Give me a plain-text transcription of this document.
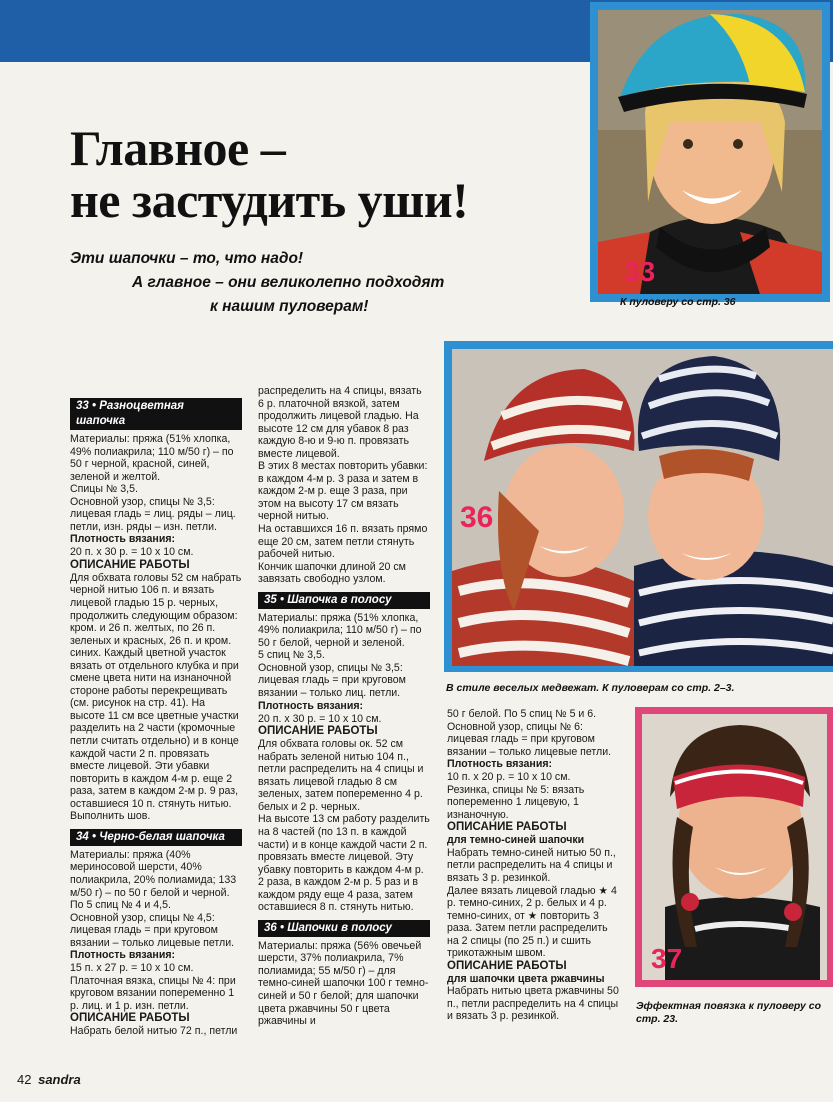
Главное –
не застудить уши!
Эти шапочки – то, что надо!
А главное – они великолепно подходят
к нашим пуловерам!
33
К пуловеру со стр. 36
36
В стиле веселых медвежат. К пуловерам со стр. 2–3.
37
Эффектная повязка к пуловеру со стр. 23.
33 • Разноцветная шапочка

Материалы: пряжа (51% хлопка, 49% полиакрила; 110 м/50 г) – по 50 г черной, красной, синей, зеленой и желтой.

Спицы № 3,5.

Основной узор, спицы № 3,5: лицевая гладь = лиц. ряды – лиц. петли, изн. ряды – изн. петли.

Плотность вязания:

20 п. х 30 р. = 10 х 10 см.

ОПИСАНИЕ РАБОТЫ

Для обхвата головы 52 см набрать черной нитью 106 п. и вязать лицевой гладью 15 р. черных, продолжить следующим образом: кром. и 26 п. желтых, по 26 п. зеленых и красных, 26 п. и кром. синих. Каждый цветной участок вязать от отдельного клубка и при смене цвета нити на изнаночной стороне работы перекрещивать (см. рисунок на стр. 41). На высоте 11 см все цветные участки разделить на 2 части (кромочные петли считать отдельно) и в конце каждой части 2 п. провязать вместе лицевой. Эти убавки повторить в каждом 4-м р. еще 2 раза, затем в каждом 2-м р. 9 раз, оставшиеся 10 п. стянуть нитью. Выполнить шов.

34 • Черно-белая шапочка

Материалы: пряжа (40% мериносовой шерсти, 40% полиакрила, 20% полиамида; 133 м/50 г) – по 50 г белой и черной.

По 5 спиц № 4 и 4,5.

Основной узор, спицы № 4,5: лицевая гладь = при круговом вязании – только лицевые петли.

Плотность вязания:

15 п. х 27 р. = 10 х 10 см.

Платочная вязка, спицы № 4: при круговом вязании попеременно 1 р. лиц. и 1 р. изн. петли.

ОПИСАНИЕ РАБОТЫ

Набрать белой нитью 72 п., петли

распределить на 4 спицы, вязать 6 р. платочной вязкой, затем продолжить лицевой гладью. На высоте 12 см для убавок 8 раз каждую 8-ю и 9-ю п. провязать вместе лицевой.

В этих 8 местах повторить убавки: в каждом 4-м р. 3 раза и затем в каждом 2-м р. еще 3 раза, при этом на высоту 17 см вязать черной нитью.

На оставшихся 16 п. вязать прямо еще 20 см, затем петли стянуть рабочей нитью.

Кончик шапочки длиной 20 см завязать свободно узлом.

35 • Шапочка в полосу

Материалы: пряжа (51% хлопка, 49% полиакрила; 110 м/50 г) – по 50 г белой, черной и зеленой.

5 спиц № 3,5.

Основной узор, спицы № 3,5: лицевая гладь = при круговом вязании – только лиц. петли.

Плотность вязания:

20 п. х 30 р. = 10 х 10 см.

ОПИСАНИЕ РАБОТЫ

Для обхвата головы ок. 52 см набрать зеленой нитью 104 п., петли распределить на 4 спицы и вязать лицевой гладью 8 см зеленых, затем попеременно 4 р. белых и 2 р. черных.

На высоте 13 см работу разделить на 8 частей (по 13 п. в каждой части) и в конце каждой части 2 п. провязать вместе лицевой. Эту убавку повторить в каждом 4-м р. 2 раза, в каждом 2-м р. 5 раз и в каждом ряду еще 4 раза, затем оставшиеся 8 п. стянуть нитью.

36 • Шапочки в полосу

Материалы: пряжа (56% овечьей шерсти, 37% полиакрила, 7% полиамида; 55 м/50 г) – для темно-синей шапочки 100 г темно-синей и 50 г белой; для шапочки цвета ржавчины 50 г цвета ржавчины и

50 г белой. По 5 спиц № 5 и 6.

Основной узор, спицы № 6: лицевая гладь = при круговом вязании – только лицевые петли.

Плотность вязания:

10 п. х 20 р. = 10 х 10 см.

Резинка, спицы № 5: вязать попеременно 1 лицевую, 1 изнаночную.

ОПИСАНИЕ РАБОТЫ

для темно-синей шапочки

Набрать темно-синей нитью 50 п., петли распределить на 4 спицы и вязать 3 р. резинкой.

Далее вязать лицевой гладью ★ 4 р. темно-синих, 2 р. белых и 4 р. темно-синих, от ★ повторить 3 раза. Затем петли распределить на 2 спицы (по 25 п.) и сшить трикотажным швом.

ОПИСАНИЕ РАБОТЫ

для шапочки цвета ржавчины

Набрать нитью цвета ржавчины 50 п., петли распределить на 4 спицы и вязать 3 р. резинкой.

42 sandra
